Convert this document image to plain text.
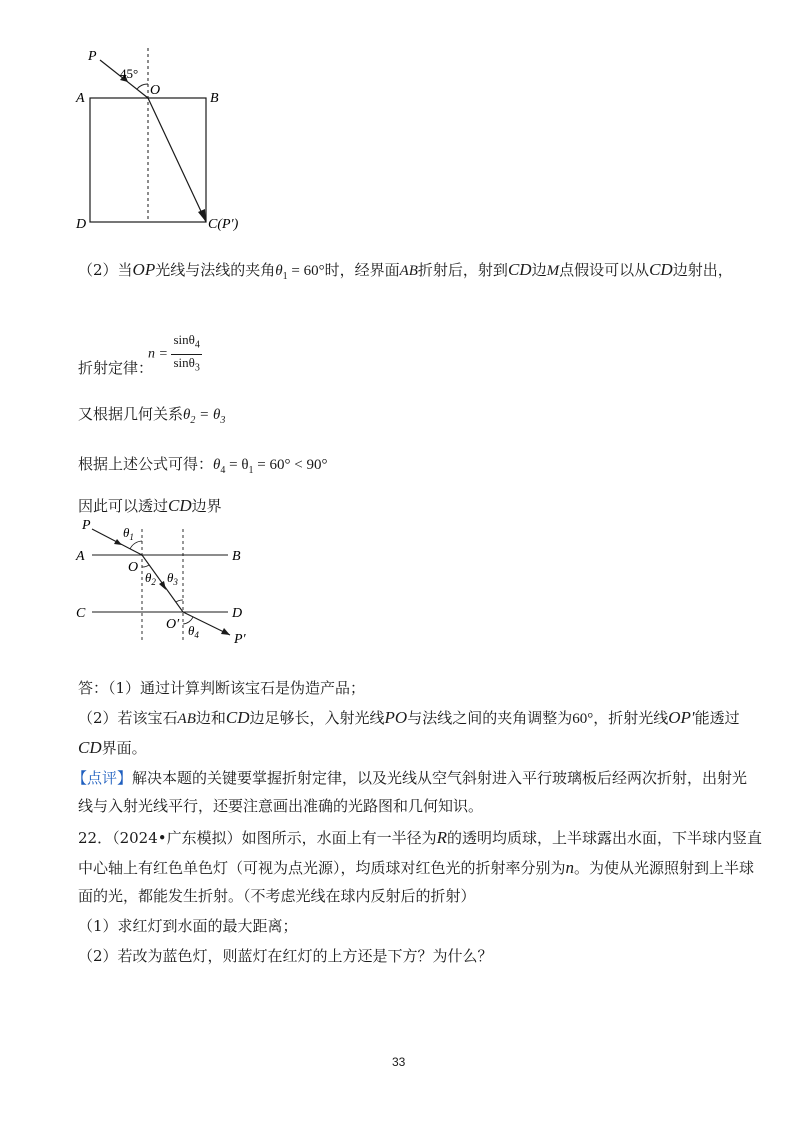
P
45°
O
A	B
D	C(P′)
（2）当OP光线与法线的夹角$\theta_1 = 60^\circ$时，经界面AB折射后，射到CD边M点假设可以从CD边射出，
折射定律：
$n = \frac{\sin\theta_4}{\sin\theta_3}$
又根据几何关系$\theta_2 = \theta_3$
根据上述公式可得：$\theta_4 = \theta_1 = 60^\circ < 90^\circ$
因此可以透过CD边界
P $\theta_1$
A	B
O
$\theta_2$ $\theta_3$
C	D
O′ $\theta_4$	P′
答：（1）通过计算判断该宝石是伪造产品；
（2）若该宝石AB边和CD边足够长，入射光线PO与法线之间的夹角调整为60°，折射光线OP′能透过
CD界面。
【点评】解决本题的关键要掌握折射定律，以及光线从空气斜射进入平行玻璃板后经两次折射，出射光
线与入射光线平行，还要注意画出准确的光路图和几何知识。
22．（2024•广东模拟）如图所示，水面上有一半径为R的透明均质球，上半球露出水面，下半球内竖直
中心轴上有红色单色灯（可视为点光源），均质球对红色光的折射率分别为n。为使从光源照射到上半球
面的光，都能发生折射。（不考虑光线在球内反射后的折射）
（1）求红灯到水面的最大距离；
（2）若改为蓝色灯，则蓝灯在红灯的上方还是下方？为什么？
33
